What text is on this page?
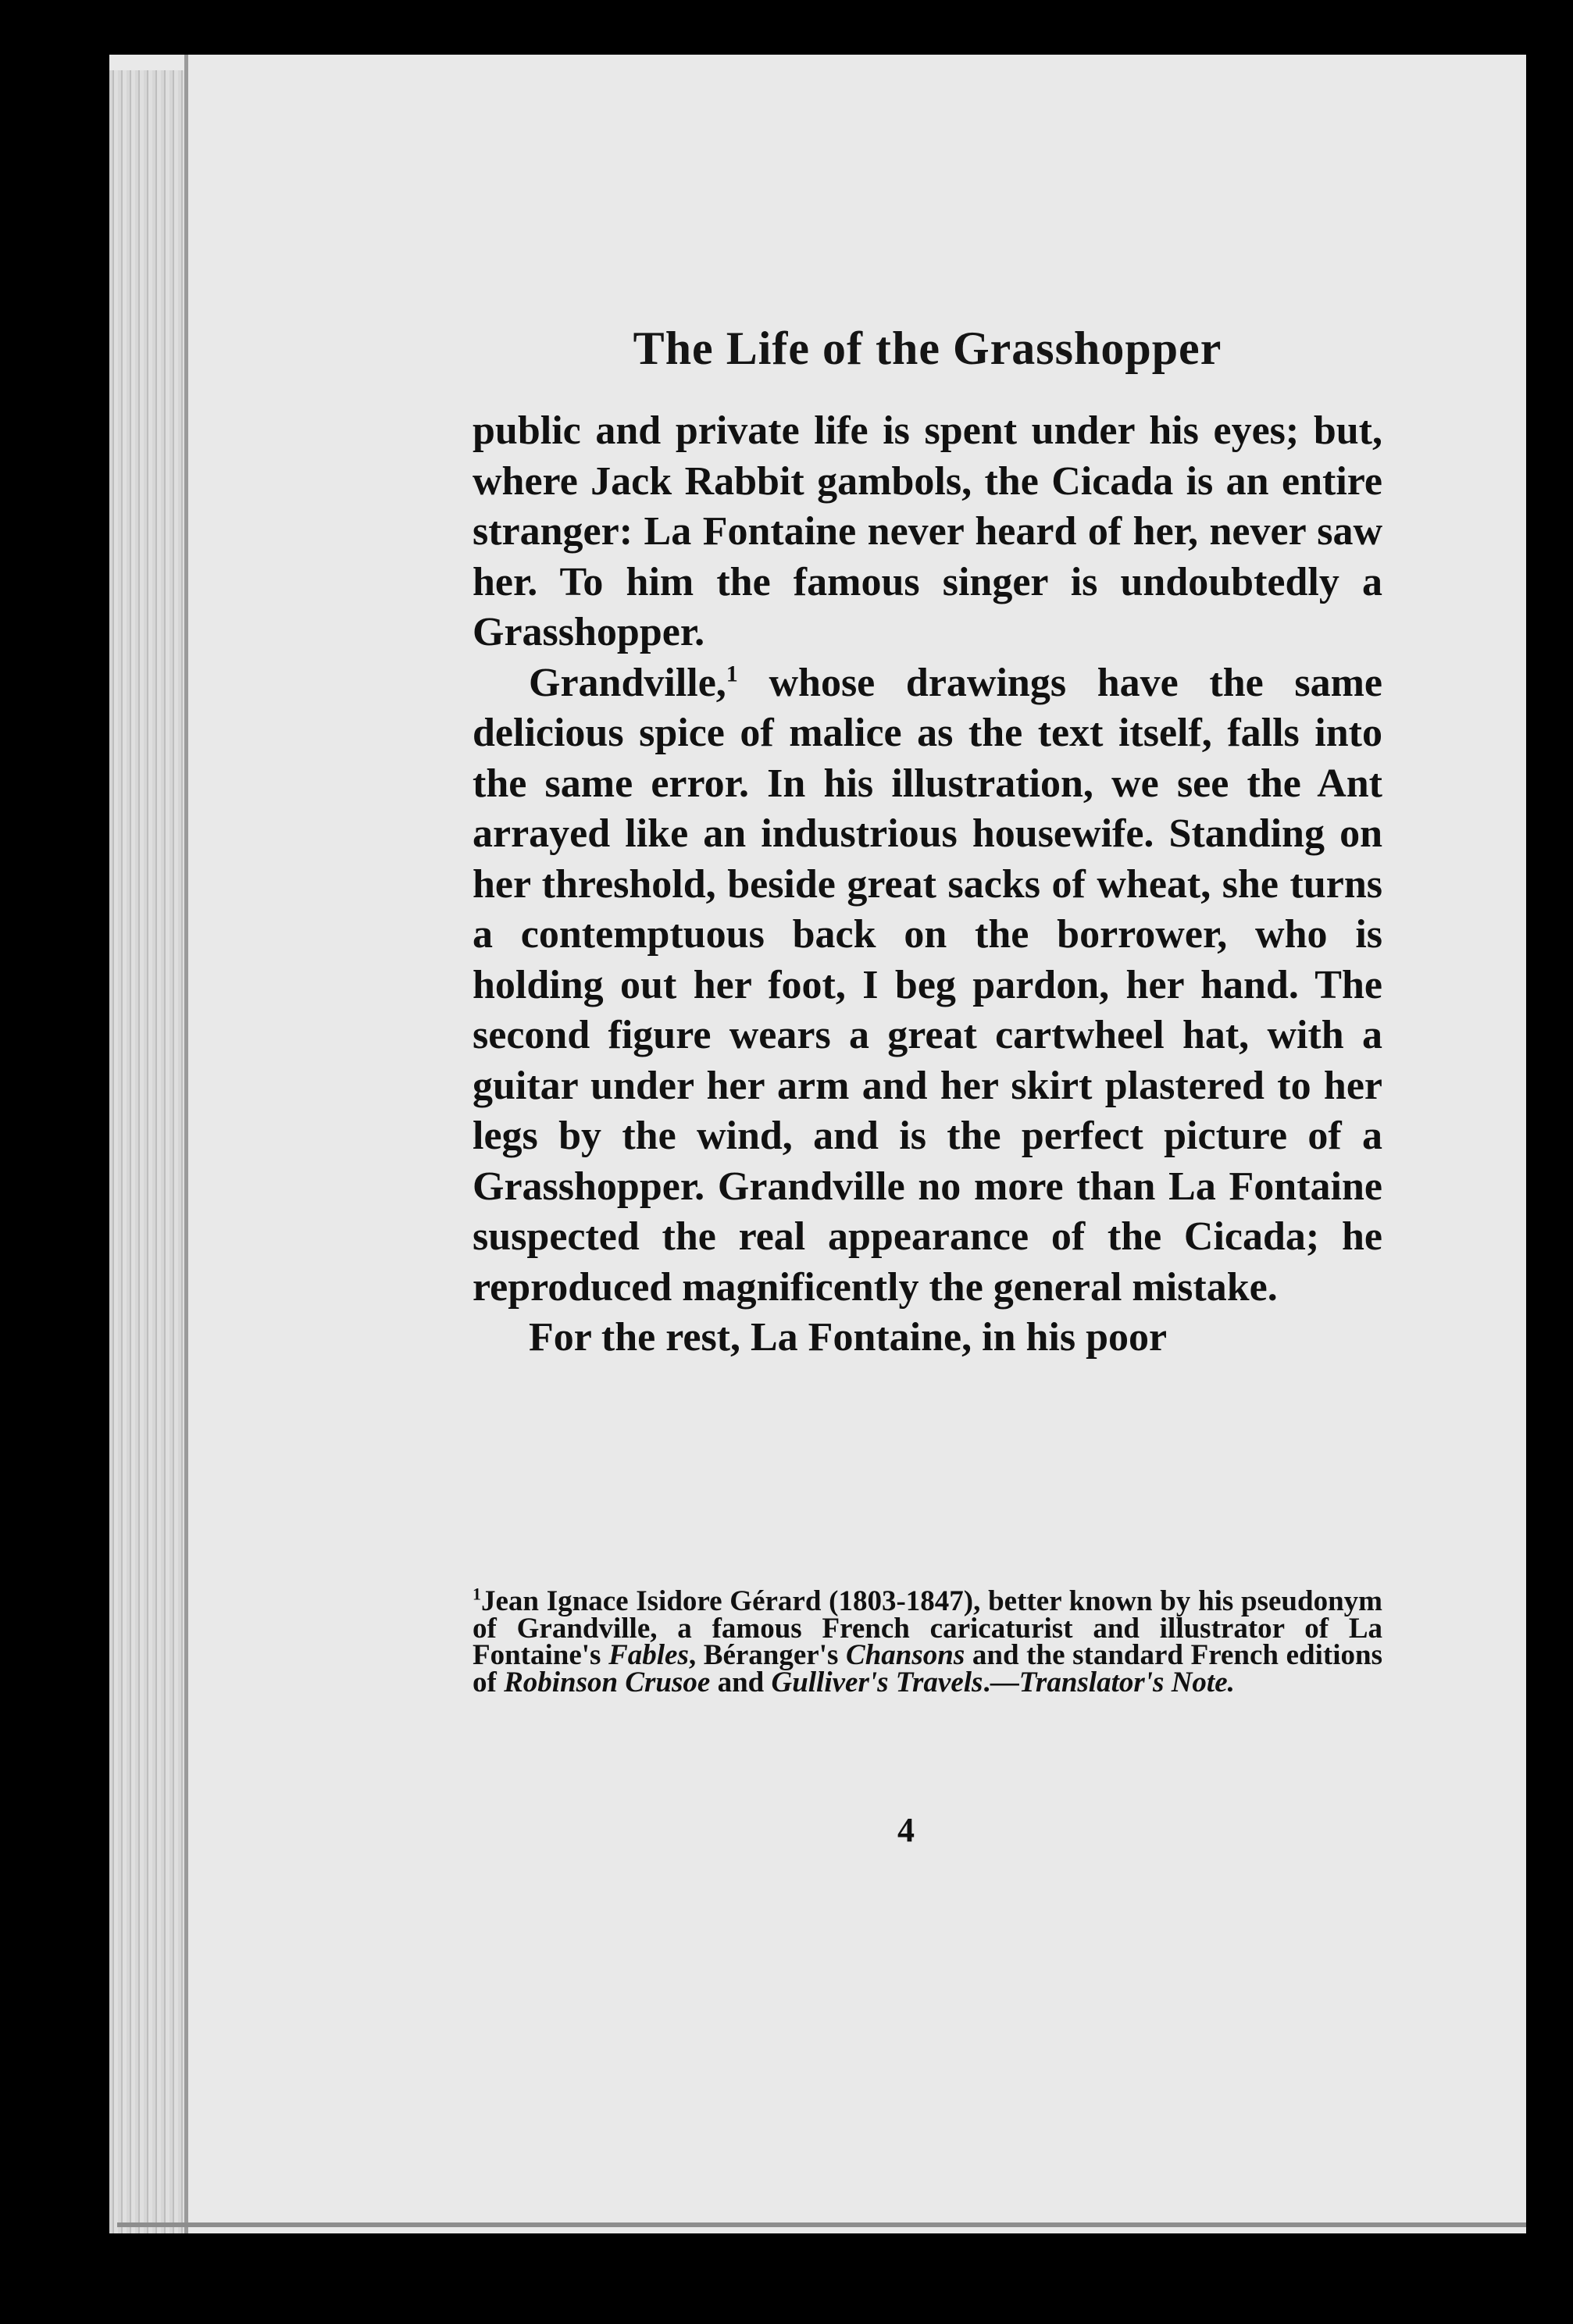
The Life of the Grasshopper

public and private life is spent under his eyes; but, where Jack Rabbit gambols, the Cicada is an entire stranger: La Fontaine never heard of her, never saw her. To him the famous singer is undoubtedly a Grasshopper.

Grandville,$^1$ whose drawings have the same delicious spice of malice as the text itself, falls into the same error. In his illustration, we see the Ant arrayed like an industrious housewife. Standing on her threshold, beside great sacks of wheat, she turns a contemptuous back on the borrower, who is holding out her foot, I beg pardon, her hand. The second figure wears a great cartwheel hat, with a guitar under her arm and her skirt plastered to her legs by the wind, and is the perfect picture of a Grasshopper. Grandville no more than La Fontaine suspected the real appearance of the Cicada; he reproduced magnificently the general mistake.

For the rest, La Fontaine, in his poor

$^1$Jean Ignace Isidore Gérard (1803-1847), better known by his pseudonym of Grandville, a famous French caricaturist and illustrator of La Fontaine's Fables, Béranger's Chansons and the standard French editions of Robinson Crusoe and Gulliver's Travels.—Translator's Note.

4
